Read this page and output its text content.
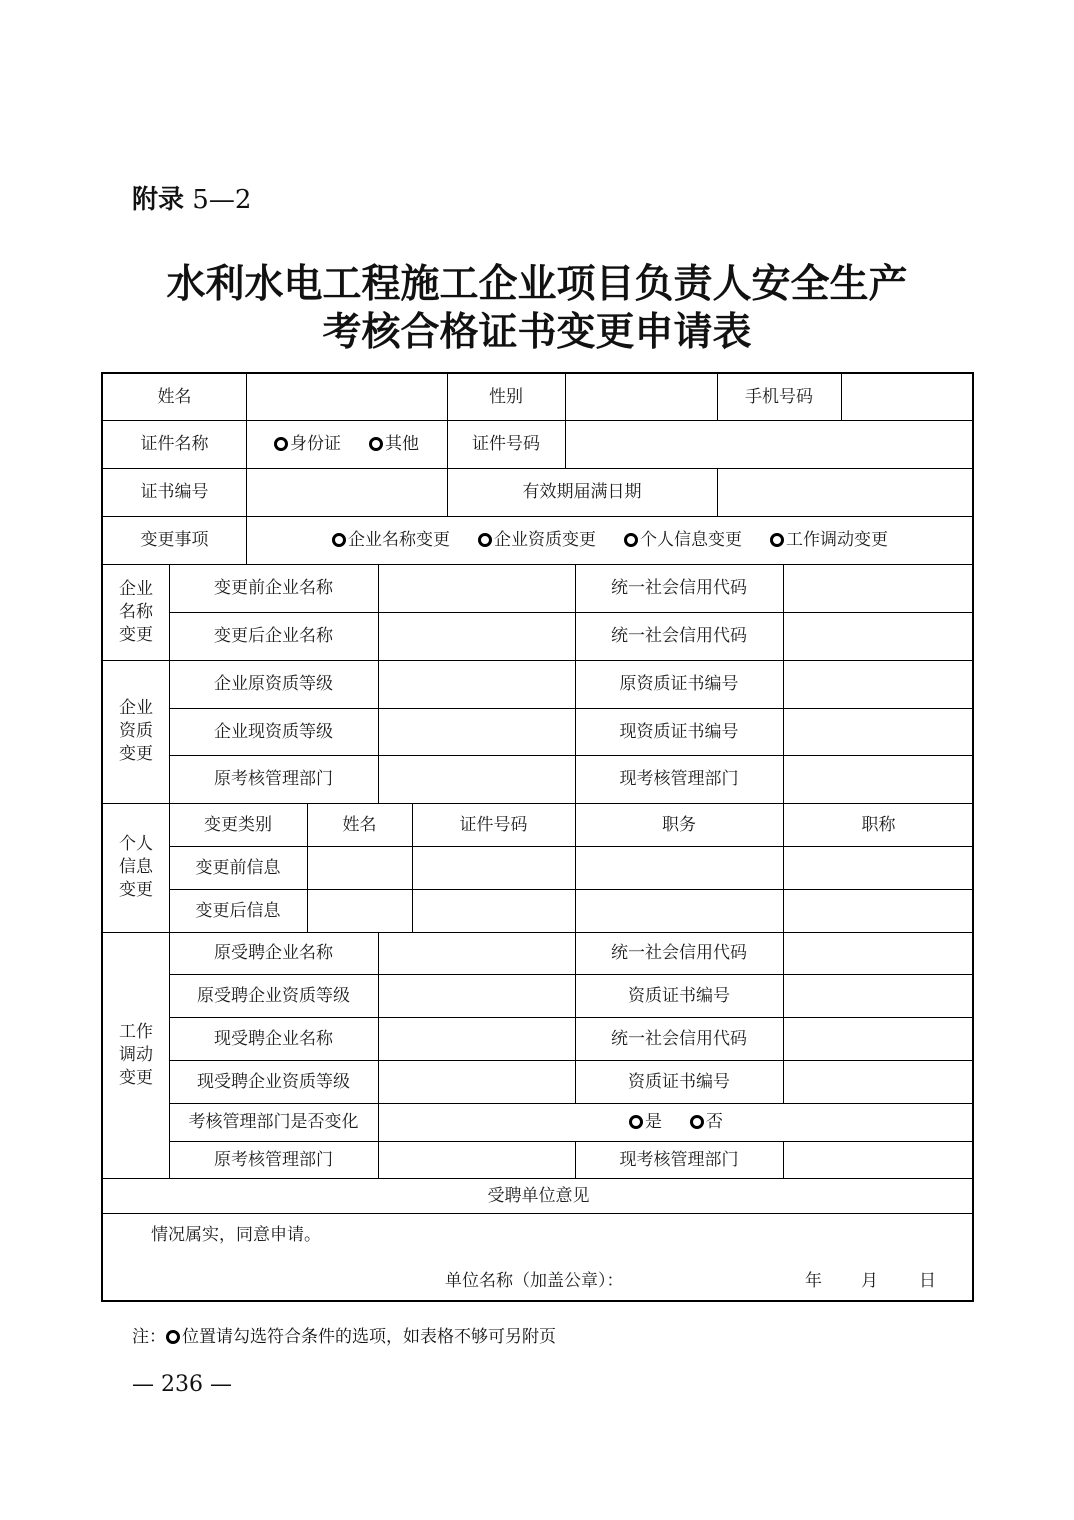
附录 5—2
水利水电工程施工企业项目负责人安全生产
考核合格证书变更申请表
姓名	性别	手机号码
证件名称	身份证	其他	证件号码
证书编号	有效期届满日期
变更事项	企业名称变更	企业资质变更	个人信息变更	工作调动变更
企业名称变更
变更前企业名称	统一社会信用代码
变更后企业名称	统一社会信用代码
企业资质变更
企业原资质等级	原资质证书编号
企业现资质等级	现资质证书编号
原考核管理部门	现考核管理部门
个人信息变更
变更类别	姓名	证件号码	职务	职称
变更前信息
变更后信息
工作调动变更
原受聘企业名称	统一社会信用代码
原受聘企业资质等级	资质证书编号
现受聘企业名称	统一社会信用代码
现受聘企业资质等级	资质证书编号
考核管理部门是否变化	是	否
原考核管理部门	现考核管理部门
受聘单位意见
情况属实，同意申请。
单位名称（加盖公章）：	年 月 日
注： 位置请勾选符合条件的选项，如表格不够可另附页
— 236 —
